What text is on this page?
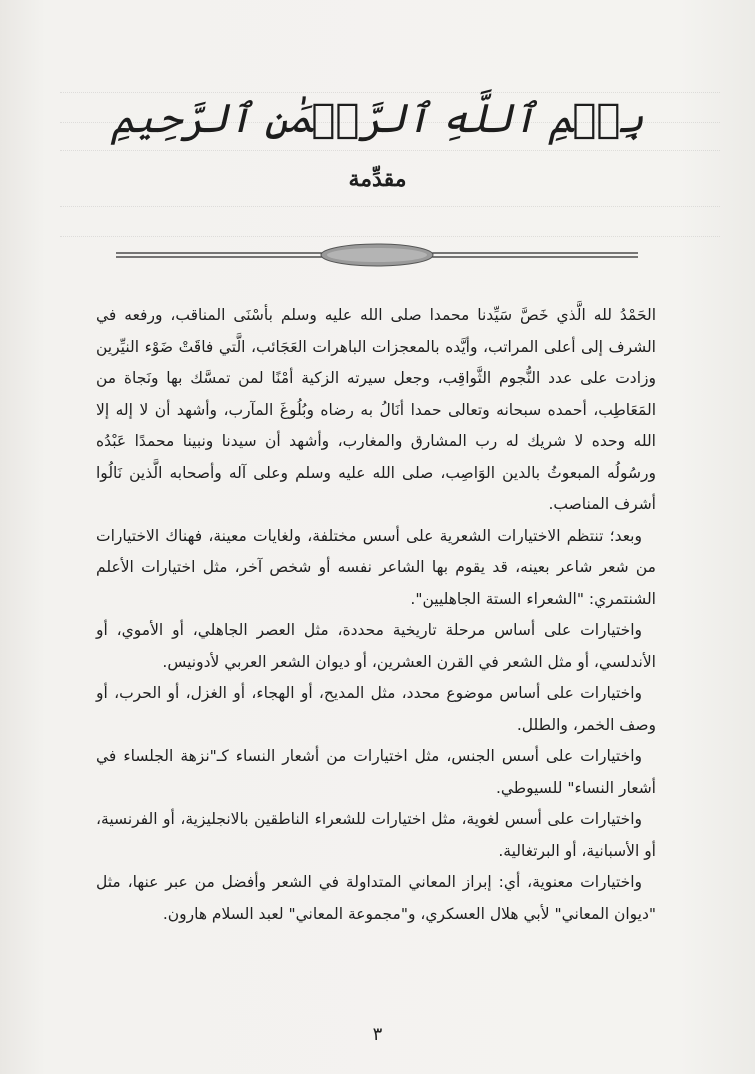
بِسۡمِ ٱللَّهِ ٱلرَّحۡمَٰنِ ٱلرَّحِيمِ
مقدِّمة

الحَمْدُ لله الَّذي خَصَّ سَيِّدنا محمدا صلى الله عليه وسلم بأسْنَى المناقب، ورفعه في الشرف إلى أعلى المراتب، وأيَّده بالمعجزات الباهرات العَجَائب، الَّتي فاقَتْ ضَوْء النيِّرين وزادت على عدد النُّجوم الثَّواقِب، وجعل سيرته الزكية أمْنًا لمن تمسَّك بها ونَجاة من المَعَاطِب، أحمده سبحانه وتعالى حمدا أنَالُ به رضاه وبُلُوغَ المآرب، وأشهد أن لا إله إلا الله وحده لا شريك له رب المشارق والمغارب، وأشهد أن سيدنا ونبينا محمدًا عَبْدُه ورسُولُه المبعوثُ بالدين الوَاصِب، صلى الله عليه وسلم وعلى آله وأصحابه الَّذين نَالُوا أشرف المناصب.

وبعد؛ تنتظم الاختيارات الشعرية على أسس مختلفة، ولغايات معينة، فهناك الاختيارات من شعر شاعر بعينه، قد يقوم بها الشاعر نفسه أو شخص آخر، مثل اختيارات الأعلم الشنتمري: "الشعراء الستة الجاهليين".

واختيارات على أساس مرحلة تاريخية محددة، مثل العصر الجاهلي، أو الأموي، أو الأندلسي، أو مثل الشعر في القرن العشرين، أو ديوان الشعر العربي لأدونيس.

واختيارات على أساس موضوع محدد، مثل المديح، أو الهجاء، أو الغزل، أو الحرب، أو وصف الخمر، والطلل.

واختيارات على أسس الجنس، مثل اختيارات من أشعار النساء كـ"نزهة الجلساء في أشعار النساء" للسيوطي.

واختيارات على أسس لغوية، مثل اختيارات للشعراء الناطقين بالانجليزية، أو الفرنسية، أو الأسبانية، أو البرتغالية.

واختيارات معنوية، أي: إبراز المعاني المتداولة في الشعر وأفضل من عبر عنها، مثل "ديوان المعاني" لأبي هلال العسكري، و"مجموعة المعاني" لعبد السلام هارون.

٣
